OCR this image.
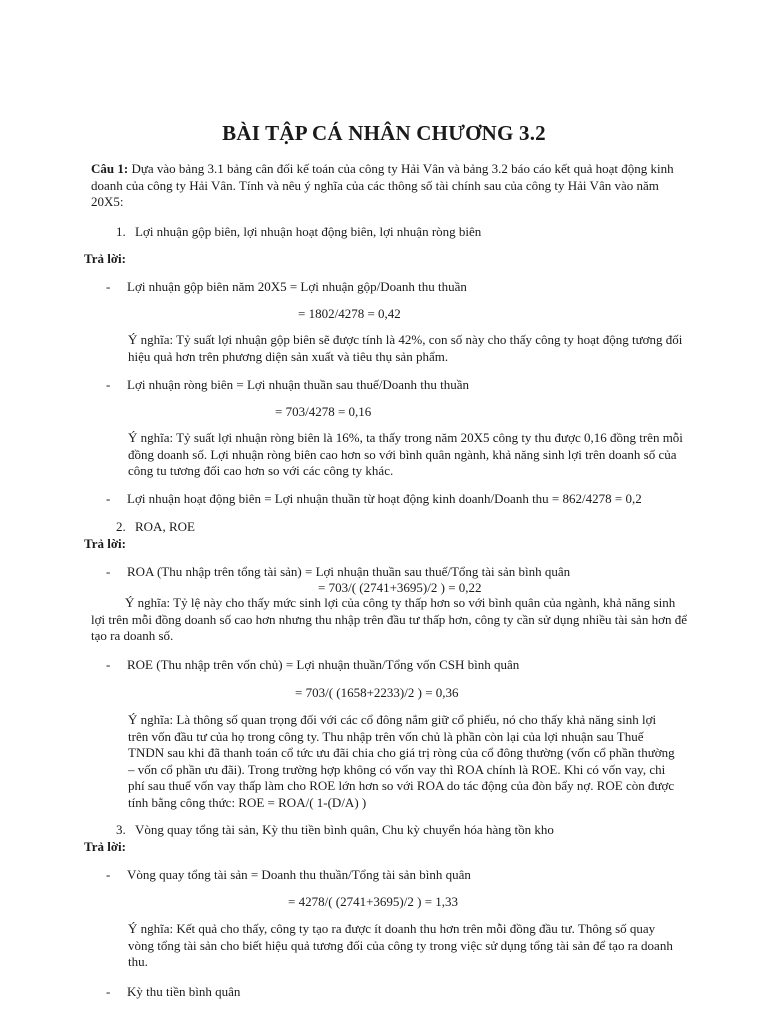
BÀI TẬP CÁ NHÂN CHƯƠNG 3.2
Câu 1: Dựa vào bảng 3.1 bảng cân đối kế toán của công ty Hải Vân và bảng 3.2 báo cáo kết quả hoạt động kinh doanh của công ty Hải Vân. Tính và nêu ý nghĩa của các thông số tài chính sau của công ty Hải Vân vào năm 20X5:
1. Lợi nhuận gộp biên, lợi nhuận hoạt động biên, lợi nhuận ròng biên
Trả lời:
- Lợi nhuận gộp biên năm 20X5 = Lợi nhuận gộp/Doanh thu thuần
= 1802/4278 = 0,42
Ý nghĩa: Tỷ suất lợi nhuận gộp biên sẽ được tính là 42%, con số này cho thấy công ty hoạt động tương đối hiệu quả hơn trên phương diện sản xuất và tiêu thụ sản phẩm.
- Lợi nhuận ròng biên = Lợi nhuận thuần sau thuế/Doanh thu thuần
= 703/4278 = 0,16
Ý nghĩa: Tỷ suất lợi nhuận ròng biên là 16%, ta thấy trong năm 20X5 công ty thu được 0,16 đồng trên mỗi đồng doanh số. Lợi nhuận ròng biên cao hơn so với bình quân ngành, khả năng sinh lợi trên doanh số của công tu tương đối cao hơn so với các công ty khác.
- Lợi nhuận hoạt động biên = Lợi nhuận thuần từ hoạt động kinh doanh/Doanh thu = 862/4278 = 0,2
2. ROA, ROE
Trả lời:
- ROA (Thu nhập trên tổng tài sản) = Lợi nhuận thuần sau thuế/Tổng tài sản bình quân
= 703/( (2741+3695)/2 ) = 0,22
Ý nghĩa: Tỷ lệ này cho thấy mức sinh lợi của công ty thấp hơn so với bình quân của ngành, khả năng sinh lợi trên mỗi đồng doanh số cao hơn nhưng thu nhập trên đầu tư thấp hơn, công ty cần sử dụng nhiều tài sản hơn để tạo ra doanh số.
- ROE (Thu nhập trên vốn chủ) = Lợi nhuận thuần/Tổng vốn CSH bình quân
= 703/( (1658+2233)/2 ) = 0,36
Ý nghĩa: Là thông số quan trọng đối với các cổ đông nắm giữ cổ phiếu, nó cho thấy khả năng sinh lợi trên vốn đầu tư của họ trong công ty. Thu nhập trên vốn chủ là phần còn lại của lợi nhuận sau Thuế TNDN sau khi đã thanh toán cổ tức ưu đãi chia cho giá trị ròng của cổ đông thường (vốn cổ phần thường – vốn cổ phần ưu đãi). Trong trường hợp không có vốn vay thì ROA chính là ROE. Khi có vốn vay, chi phí sau thuế vốn vay thấp làm cho ROE lớn hơn so với ROA do tác động của đòn bẩy nợ. ROE còn được tính bằng công thức: ROE = ROA/( 1-(D/A) )
3. Vòng quay tổng tài sản, Kỳ thu tiền bình quân, Chu kỳ chuyển hóa hàng tồn kho
Trả lời:
- Vòng quay tổng tài sản = Doanh thu thuần/Tổng tài sản bình quân
= 4278/( (2741+3695)/2 ) = 1,33
Ý nghĩa: Kết quả cho thấy, công ty tạo ra được ít doanh thu hơn trên mỗi đồng đầu tư. Thông số quay vòng tổng tài sản cho biết hiệu quả tương đối của công ty trong việc sử dụng tổng tài sản để tạo ra doanh thu.
- Kỳ thu tiền bình quân
